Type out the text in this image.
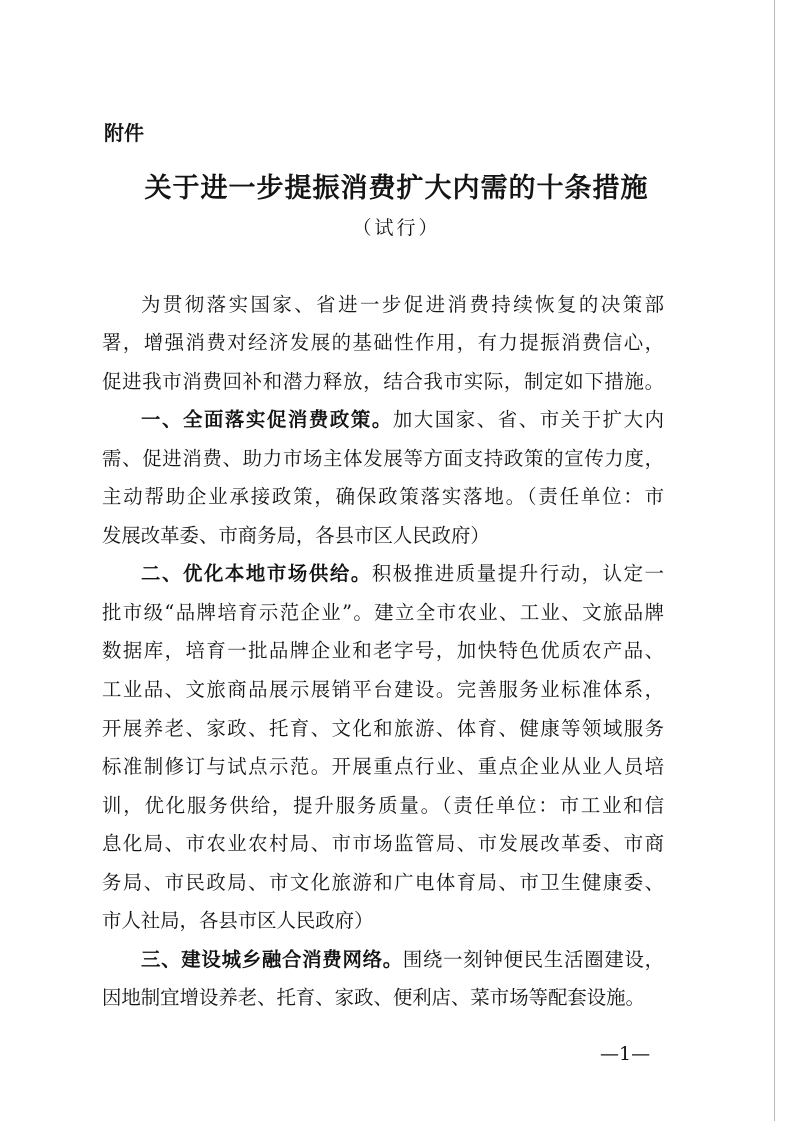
附件
关于进一步提振消费扩大内需的十条措施
（试行）
为贯彻落实国家、省进一步促进消费持续恢复的决策部
署，增强消费对经济发展的基础性作用，有力提振消费信心，
促进我市消费回补和潜力释放，结合我市实际，制定如下措施。
一、全面落实促消费政策。加大国家、省、市关于扩大内
需、促进消费、助力市场主体发展等方面支持政策的宣传力度，
主动帮助企业承接政策，确保政策落实落地。（责任单位：市
发展改革委、市商务局，各县市区人民政府）
二、优化本地市场供给。积极推进质量提升行动，认定一
批市级“品牌培育示范企业”。建立全市农业、工业、文旅品牌
数据库，培育一批品牌企业和老字号，加快特色优质农产品、
工业品、文旅商品展示展销平台建设。完善服务业标准体系，
开展养老、家政、托育、文化和旅游、体育、健康等领域服务
标准制修订与试点示范。开展重点行业、重点企业从业人员培
训，优化服务供给，提升服务质量。（责任单位：市工业和信
息化局、市农业农村局、市市场监管局、市发展改革委、市商
务局、市民政局、市文化旅游和广电体育局、市卫生健康委、
市人社局，各县市区人民政府）
三、建设城乡融合消费网络。围绕一刻钟便民生活圈建设，
因地制宜增设养老、托育、家政、便利店、菜市场等配套设施。
—1—
